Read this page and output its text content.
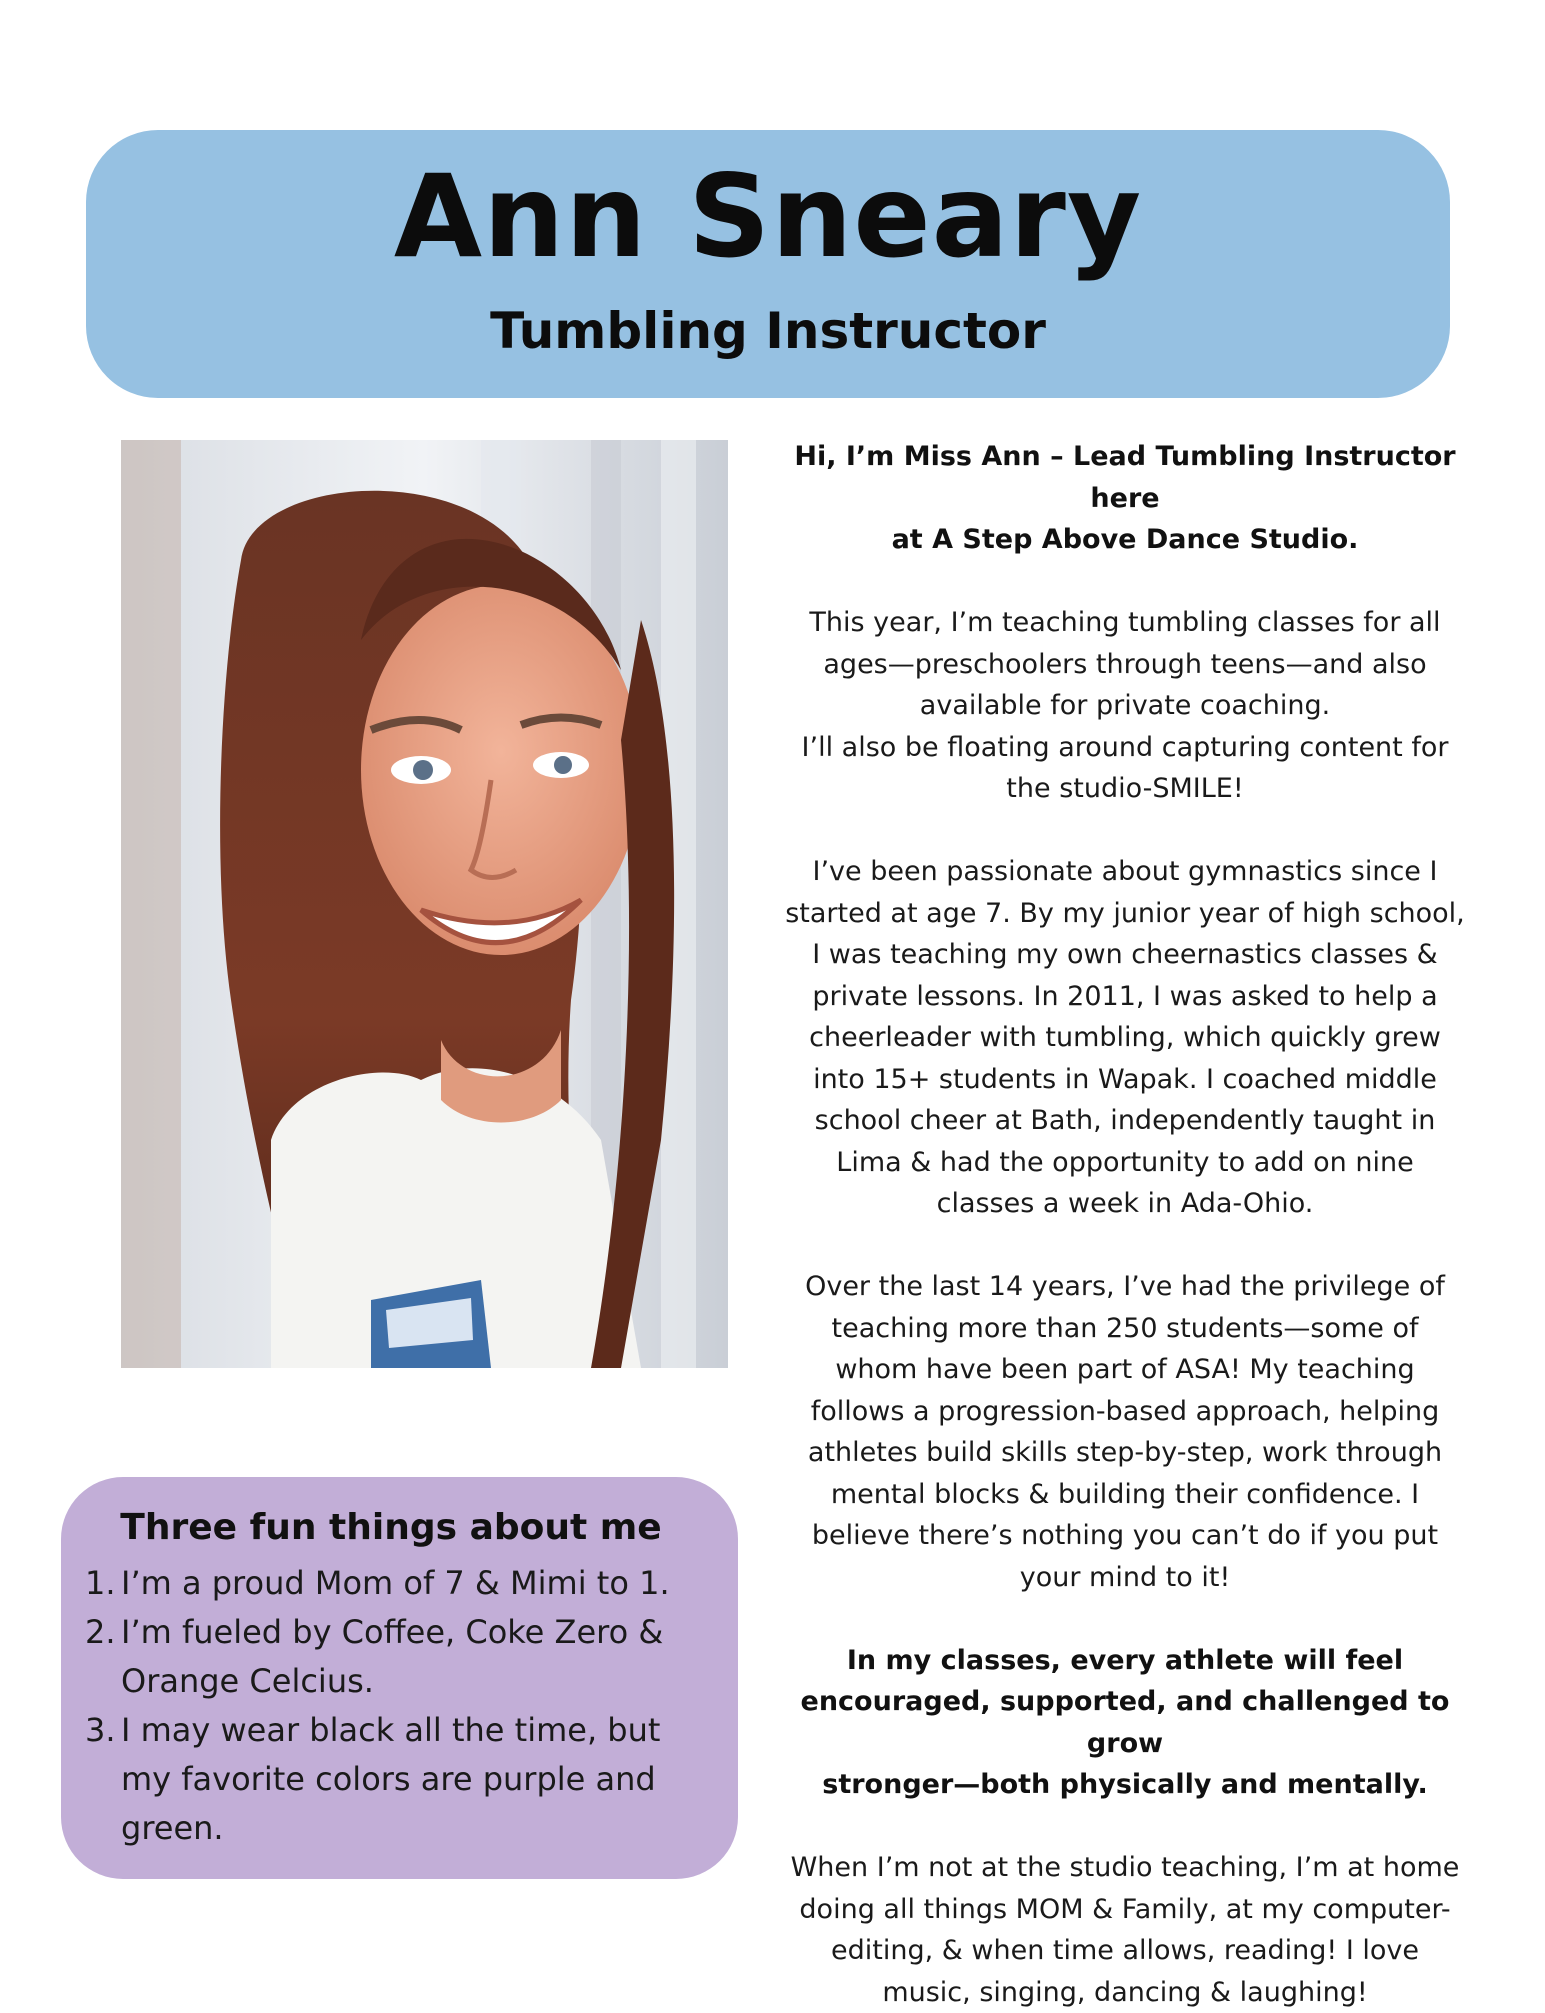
Ann Sneary
Tumbling Instructor

Hi, I’m Miss Ann – Lead Tumbling Instructor here
at A Step Above Dance Studio.

This year, I’m teaching tumbling classes for all
ages—preschoolers through teens—and also
available for private coaching.
I’ll also be floating around capturing content for
the studio-SMILE!

I’ve been passionate about gymnastics since I
started at age 7. By my junior year of high school,
I was teaching my own cheernastics classes &
private lessons. In 2011, I was asked to help a
cheerleader with tumbling, which quickly grew
into 15+ students in Wapak. I coached middle
school cheer at Bath, independently taught in
Lima & had the opportunity to add on nine
classes a week in Ada-Ohio.

Over the last 14 years, I’ve had the privilege of
teaching more than 250 students—some of
whom have been part of ASA! My teaching
follows a progression-based approach, helping
athletes build skills step-by-step, work through
mental blocks & building their confidence. I
believe there’s nothing you can’t do if you put
your mind to it!

In my classes, every athlete will feel
encouraged, supported, and challenged to grow
stronger—both physically and mentally.

When I’m not at the studio teaching, I’m at home
doing all things MOM & Family, at my computer-
editing, & when time allows, reading! I love
music, singing, dancing & laughing!

Three fun things about me
1. I’m a proud Mom of 7 & Mimi to 1.
2. I’m fueled by Coffee, Coke Zero &
Orange Celcius.
3. I may wear black all the time, but
my favorite colors are purple and
green.
